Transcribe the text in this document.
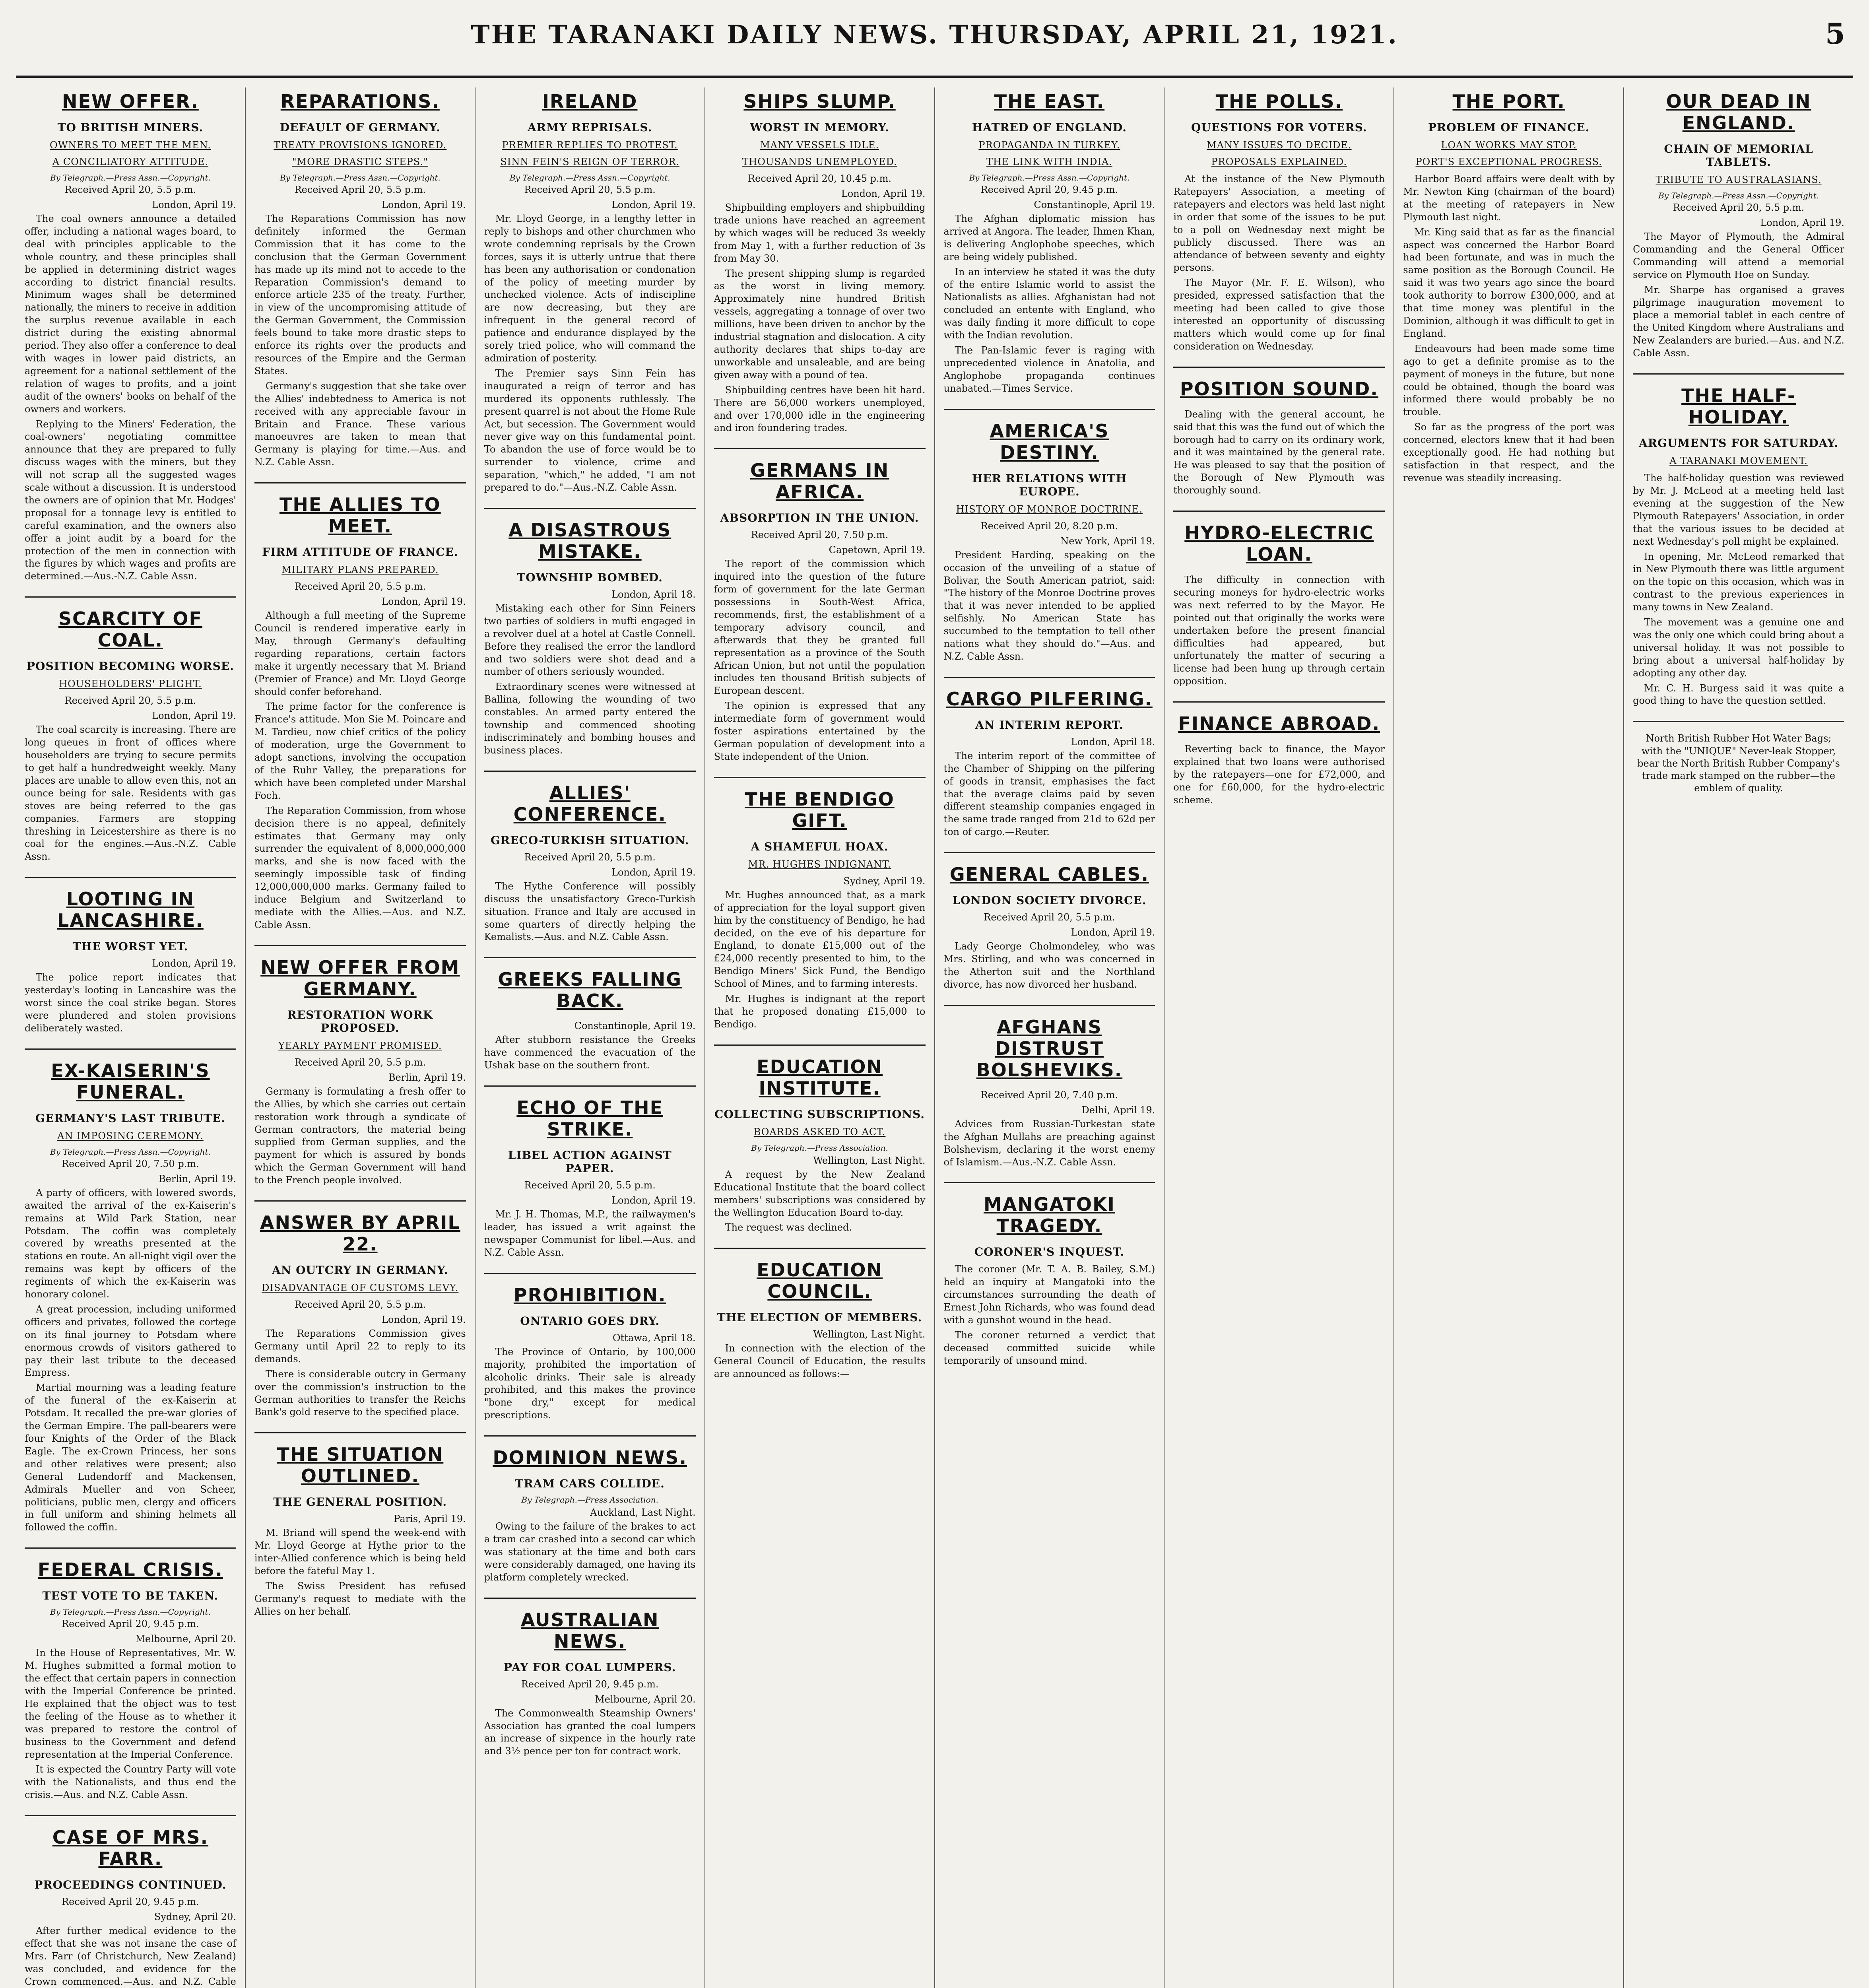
THE TARANAKI DAILY NEWS. THURSDAY, APRIL 21, 1921.	5
NEW OFFER.
TO BRITISH MINERS.
OWNERS TO MEET THE MEN.
A CONCILIATORY ATTITUDE.
By Telegraph.—Press Assn.—Copyright.
Received April 20, 5.5 p.m.
London, April 19.

The coal owners announce a detailed offer, including a national wages board, to deal with principles applicable to the whole country, and these principles shall be applied in determining district wages according to district financial results. Minimum wages shall be determined nationally, the miners to receive in addition the surplus revenue available in each district during the existing abnormal period. They also offer a conference to deal with wages in lower paid districts, an agreement for a national settlement of the relation of wages to profits, and a joint audit of the owners' books on behalf of the owners and workers.

Replying to the Miners' Federation, the coal-owners' negotiating committee announce that they are prepared to fully discuss wages with the miners, but they will not scrap all the suggested wages scale without a discussion. It is understood the owners are of opinion that Mr. Hodges' proposal for a tonnage levy is entitled to careful examination, and the owners also offer a joint audit by a board for the protection of the men in connection with the figures by which wages and profits are determined.—Aus.-N.Z. Cable Assn.

SCARCITY OF COAL.
POSITION BECOMING WORSE.
HOUSEHOLDERS' PLIGHT.
Received April 20, 5.5 p.m.
London, April 19.

The coal scarcity is increasing. There are long queues in front of offices where householders are trying to secure permits to get half a hundredweight weekly. Many places are unable to allow even this, not an ounce being for sale. Residents with gas stoves are being referred to the gas companies. Farmers are stopping threshing in Leicestershire as there is no coal for the engines.—Aus.-N.Z. Cable Assn.

LOOTING IN LANCASHIRE.
THE WORST YET.
London, April 19.

The police report indicates that yesterday's looting in Lancashire was the worst since the coal strike began. Stores were plundered and stolen provisions deliberately wasted.

EX-KAISERIN'S FUNERAL.
GERMANY'S LAST TRIBUTE.
AN IMPOSING CEREMONY.
By Telegraph.—Press Assn.—Copyright.
Received April 20, 7.50 p.m.
Berlin, April 19.

A party of officers, with lowered swords, awaited the arrival of the ex-Kaiserin's remains at Wild Park Station, near Potsdam. The coffin was completely covered by wreaths presented at the stations en route. An all-night vigil over the remains was kept by officers of the regiments of which the ex-Kaiserin was honorary colonel.

A great procession, including uniformed officers and privates, followed the cortege on its final journey to Potsdam where enormous crowds of visitors gathered to pay their last tribute to the deceased Empress.

Martial mourning was a leading feature of the funeral of the ex-Kaiserin at Potsdam. It recalled the pre-war glories of the German Empire. The pall-bearers were four Knights of the Order of the Black Eagle. The ex-Crown Princess, her sons and other relatives were present; also General Ludendorff and Mackensen, Admirals Mueller and von Scheer, politicians, public men, clergy and officers in full uniform and shining helmets all followed the coffin.

FEDERAL CRISIS.
TEST VOTE TO BE TAKEN.
By Telegraph.—Press Assn.—Copyright.
Received April 20, 9.45 p.m.
Melbourne, April 20.

In the House of Representatives, Mr. W. M. Hughes submitted a formal motion to the effect that certain papers in connection with the Imperial Conference be printed. He explained that the object was to test the feeling of the House as to whether it was prepared to restore the control of business to the Government and defend representation at the Imperial Conference.

It is expected the Country Party will vote with the Nationalists, and thus end the crisis.—Aus. and N.Z. Cable Assn.

CASE OF MRS. FARR.
PROCEEDINGS CONTINUED.
Received April 20, 9.45 p.m.
Sydney, April 20.

After further medical evidence to the effect that she was not insane the case of Mrs. Farr (of Christchurch, New Zealand) was concluded, and evidence for the Crown commenced.—Aus. and N.Z. Cable

REPARATIONS.
DEFAULT OF GERMANY.
TREATY PROVISIONS IGNORED.
"MORE DRASTIC STEPS."
By Telegraph.—Press Assn.—Copyright.
Received April 20, 5.5 p.m.
London, April 19.

The Reparations Commission has now definitely informed the German Commission that it has come to the conclusion that the German Government has made up its mind not to accede to the Reparation Commission's demand to enforce article 235 of the treaty. Further, in view of the uncompromising attitude of the German Government, the Commission feels bound to take more drastic steps to enforce its rights over the products and resources of the Empire and the German States.

Germany's suggestion that she take over the Allies' indebtedness to America is not received with any appreciable favour in Britain and France. These various manoeuvres are taken to mean that Germany is playing for time.—Aus. and N.Z. Cable Assn.

THE ALLIES TO MEET.
FIRM ATTITUDE OF FRANCE.
MILITARY PLANS PREPARED.
Received April 20, 5.5 p.m.
London, April 19.

Although a full meeting of the Supreme Council is rendered imperative early in May, through Germany's defaulting regarding reparations, certain factors make it urgently necessary that M. Briand (Premier of France) and Mr. Lloyd George should confer beforehand.

The prime factor for the conference is France's attitude. Mon Sie M. Poincare and M. Tardieu, now chief critics of the policy of moderation, urge the Government to adopt sanctions, involving the occupation of the Ruhr Valley, the preparations for which have been completed under Marshal Foch.

The Reparation Commission, from whose decision there is no appeal, definitely estimates that Germany may only surrender the equivalent of 8,000,000,000 marks, and she is now faced with the seemingly impossible task of finding 12,000,000,000 marks. Germany failed to induce Belgium and Switzerland to mediate with the Allies.—Aus. and N.Z. Cable Assn.

NEW OFFER FROM GERMANY.
RESTORATION WORK PROPOSED.
YEARLY PAYMENT PROMISED.
Received April 20, 5.5 p.m.
Berlin, April 19.

Germany is formulating a fresh offer to the Allies, by which she carries out certain restoration work through a syndicate of German contractors, the material being supplied from German supplies, and the payment for which is assured by bonds which the German Government will hand to the French people involved.

ANSWER BY APRIL 22.
AN OUTCRY IN GERMANY.
DISADVANTAGE OF CUSTOMS LEVY.
Received April 20, 5.5 p.m.
London, April 19.

The Reparations Commission gives Germany until April 22 to reply to its demands.

There is considerable outcry in Germany over the commission's instruction to the German authorities to transfer the Reichs Bank's gold reserve to the specified place.

THE SITUATION OUTLINED.
THE GENERAL POSITION.
Paris, April 19.

M. Briand will spend the week-end with Mr. Lloyd George at Hythe prior to the inter-Allied conference which is being held before the fateful May 1.

The Swiss President has refused Germany's request to mediate with the Allies on her behalf.

IRELAND
ARMY REPRISALS.
PREMIER REPLIES TO PROTEST.
SINN FEIN'S REIGN OF TERROR.
By Telegraph.—Press Assn.—Copyright.
Received April 20, 5.5 p.m.
London, April 19.

Mr. Lloyd George, in a lengthy letter in reply to bishops and other churchmen who wrote condemning reprisals by the Crown forces, says it is utterly untrue that there has been any authorisation or condonation of the policy of meeting murder by unchecked violence. Acts of indiscipline are now decreasing, but they are infrequent in the general record of patience and endurance displayed by the sorely tried police, who will command the admiration of posterity.

The Premier says Sinn Fein has inaugurated a reign of terror and has murdered its opponents ruthlessly. The present quarrel is not about the Home Rule Act, but secession. The Government would never give way on this fundamental point. To abandon the use of force would be to surrender to violence, crime and separation, "which," he added, "I am not prepared to do."—Aus.-N.Z. Cable Assn.

A DISASTROUS MISTAKE.
TOWNSHIP BOMBED.
London, April 18.

Mistaking each other for Sinn Feiners two parties of soldiers in mufti engaged in a revolver duel at a hotel at Castle Connell. Before they realised the error the landlord and two soldiers were shot dead and a number of others seriously wounded.

Extraordinary scenes were witnessed at Ballina, following the wounding of two constables. An armed party entered the township and commenced shooting indiscriminately and bombing houses and business places.

ALLIES' CONFERENCE.
GRECO-TURKISH SITUATION.
Received April 20, 5.5 p.m.
London, April 19.

The Hythe Conference will possibly discuss the unsatisfactory Greco-Turkish situation. France and Italy are accused in some quarters of directly helping the Kemalists.—Aus. and N.Z. Cable Assn.

GREEKS FALLING BACK.
Constantinople, April 19.

After stubborn resistance the Greeks have commenced the evacuation of the Ushak base on the southern front.

ECHO OF THE STRIKE.
LIBEL ACTION AGAINST PAPER.
Received April 20, 5.5 p.m.
London, April 19.

Mr. J. H. Thomas, M.P., the railwaymen's leader, has issued a writ against the newspaper Communist for libel.—Aus. and N.Z. Cable Assn.

PROHIBITION.
ONTARIO GOES DRY.
Ottawa, April 18.

The Province of Ontario, by 100,000 majority, prohibited the importation of alcoholic drinks. Their sale is already prohibited, and this makes the province "bone dry," except for medical prescriptions.

DOMINION NEWS.
TRAM CARS COLLIDE.
By Telegraph.—Press Association.
Auckland, Last Night.

Owing to the failure of the brakes to act a tram car crashed into a second car which was stationary at the time and both cars were considerably damaged, one having its platform completely wrecked.

AUSTRALIAN NEWS.
PAY FOR COAL LUMPERS.
Received April 20, 9.45 p.m.
Melbourne, April 20.

The Commonwealth Steamship Owners' Association has granted the coal lumpers an increase of sixpence in the hourly rate and 3½ pence per ton for contract work.

SHIPS SLUMP.
WORST IN MEMORY.
MANY VESSELS IDLE.
THOUSANDS UNEMPLOYED.
Received April 20, 10.45 p.m.
London, April 19.

Shipbuilding employers and shipbuilding trade unions have reached an agreement by which wages will be reduced 3s weekly from May 1, with a further reduction of 3s from May 30.

The present shipping slump is regarded as the worst in living memory. Approximately nine hundred British vessels, aggregating a tonnage of over two millions, have been driven to anchor by the industrial stagnation and dislocation. A city authority declares that ships to-day are unworkable and unsaleable, and are being given away with a pound of tea.

Shipbuilding centres have been hit hard. There are 56,000 workers unemployed, and over 170,000 idle in the engineering and iron foundering trades.

GERMANS IN AFRICA.
ABSORPTION IN THE UNION.
Received April 20, 7.50 p.m.
Capetown, April 19.

The report of the commission which inquired into the question of the future form of government for the late German possessions in South-West Africa, recommends, first, the establishment of a temporary advisory council, and afterwards that they be granted full representation as a province of the South African Union, but not until the population includes ten thousand British subjects of European descent.

The opinion is expressed that any intermediate form of government would foster aspirations entertained by the German population of development into a State independent of the Union.

THE BENDIGO GIFT.
A SHAMEFUL HOAX.
MR. HUGHES INDIGNANT.
Sydney, April 19.

Mr. Hughes announced that, as a mark of appreciation for the loyal support given him by the constituency of Bendigo, he had decided, on the eve of his departure for England, to donate £15,000 out of the £24,000 recently presented to him, to the Bendigo Miners' Sick Fund, the Bendigo School of Mines, and to farming interests.

Mr. Hughes is indignant at the report that he proposed donating £15,000 to Bendigo.

EDUCATION INSTITUTE.
COLLECTING SUBSCRIPTIONS.
BOARDS ASKED TO ACT.
By Telegraph.—Press Association.
Wellington, Last Night.

A request by the New Zealand Educational Institute that the board collect members' subscriptions was considered by the Wellington Education Board to-day.

The request was declined.

EDUCATION COUNCIL.
THE ELECTION OF MEMBERS.
Wellington, Last Night.

In connection with the election of the General Council of Education, the results are announced as follows:—

THE EAST.
HATRED OF ENGLAND.
PROPAGANDA IN TURKEY.
THE LINK WITH INDIA.
By Telegraph.—Press Assn.—Copyright.
Received April 20, 9.45 p.m.
Constantinople, April 19.

The Afghan diplomatic mission has arrived at Angora. The leader, Ihmen Khan, is delivering Anglophobe speeches, which are being widely published.

In an interview he stated it was the duty of the entire Islamic world to assist the Nationalists as allies. Afghanistan had not concluded an entente with England, who was daily finding it more difficult to cope with the Indian revolution.

The Pan-Islamic fever is raging with unprecedented violence in Anatolia, and Anglophobe propaganda continues unabated.—Times Service.

AMERICA'S DESTINY.
HER RELATIONS WITH EUROPE.
HISTORY OF MONROE DOCTRINE.
Received April 20, 8.20 p.m.
New York, April 19.

President Harding, speaking on the occasion of the unveiling of a statue of Bolivar, the South American patriot, said: "The history of the Monroe Doctrine proves that it was never intended to be applied selfishly. No American State has succumbed to the temptation to tell other nations what they should do."—Aus. and N.Z. Cable Assn.

CARGO PILFERING.
AN INTERIM REPORT.
London, April 18.

The interim report of the committee of the Chamber of Shipping on the pilfering of goods in transit, emphasises the fact that the average claims paid by seven different steamship companies engaged in the same trade ranged from 21d to 62d per ton of cargo.—Reuter.

GENERAL CABLES.
LONDON SOCIETY DIVORCE.
Received April 20, 5.5 p.m.
London, April 19.

Lady George Cholmondeley, who was Mrs. Stirling, and who was concerned in the Atherton suit and the Northland divorce, has now divorced her husband.

AFGHANS DISTRUST BOLSHEVIKS.
Received April 20, 7.40 p.m.
Delhi, April 19.

Advices from Russian-Turkestan state the Afghan Mullahs are preaching against Bolshevism, declaring it the worst enemy of Islamism.—Aus.-N.Z. Cable Assn.

MANGATOKI TRAGEDY.
CORONER'S INQUEST.

The coroner (Mr. T. A. B. Bailey, S.M.) held an inquiry at Mangatoki into the circumstances surrounding the death of Ernest John Richards, who was found dead with a gunshot wound in the head.

The coroner returned a verdict that deceased committed suicide while temporarily of unsound mind.

THE POLLS.
QUESTIONS FOR VOTERS.
MANY ISSUES TO DECIDE.
PROPOSALS EXPLAINED.

At the instance of the New Plymouth Ratepayers' Association, a meeting of ratepayers and electors was held last night in order that some of the issues to be put to a poll on Wednesday next might be publicly discussed. There was an attendance of between seventy and eighty persons.

The Mayor (Mr. F. E. Wilson), who presided, expressed satisfaction that the meeting had been called to give those interested an opportunity of discussing matters which would come up for final consideration on Wednesday.

POSITION SOUND.

Dealing with the general account, he said that this was the fund out of which the borough had to carry on its ordinary work, and it was maintained by the general rate. He was pleased to say that the position of the Borough of New Plymouth was thoroughly sound.

HYDRO-ELECTRIC LOAN.

The difficulty in connection with securing moneys for hydro-electric works was next referred to by the Mayor. He pointed out that originally the works were undertaken before the present financial difficulties had appeared, but unfortunately the matter of securing a license had been hung up through certain opposition.

FINANCE ABROAD.

Reverting back to finance, the Mayor explained that two loans were authorised by the ratepayers—one for £72,000, and one for £60,000, for the hydro-electric scheme.

THE PORT.
PROBLEM OF FINANCE.
LOAN WORKS MAY STOP.
PORT'S EXCEPTIONAL PROGRESS.

Harbor Board affairs were dealt with by Mr. Newton King (chairman of the board) at the meeting of ratepayers in New Plymouth last night.

Mr. King said that as far as the financial aspect was concerned the Harbor Board had been fortunate, and was in much the same position as the Borough Council. He said it was two years ago since the board took authority to borrow £300,000, and at that time money was plentiful in the Dominion, although it was difficult to get in England.

Endeavours had been made some time ago to get a definite promise as to the payment of moneys in the future, but none could be obtained, though the board was informed there would probably be no trouble.

So far as the progress of the port was concerned, electors knew that it had been exceptionally good. He had nothing but satisfaction in that respect, and the revenue was steadily increasing.

OUR DEAD IN ENGLAND.
CHAIN OF MEMORIAL TABLETS.
TRIBUTE TO AUSTRALASIANS.
By Telegraph.—Press Assn.—Copyright.
Received April 20, 5.5 p.m.
London, April 19.

The Mayor of Plymouth, the Admiral Commanding and the General Officer Commanding will attend a memorial service on Plymouth Hoe on Sunday.

Mr. Sharpe has organised a graves pilgrimage inauguration movement to place a memorial tablet in each centre of the United Kingdom where Australians and New Zealanders are buried.—Aus. and N.Z. Cable Assn.

THE HALF-HOLIDAY.
ARGUMENTS FOR SATURDAY.
A TARANAKI MOVEMENT.

The half-holiday question was reviewed by Mr. J. McLeod at a meeting held last evening at the suggestion of the New Plymouth Ratepayers' Association, in order that the various issues to be decided at next Wednesday's poll might be explained.

In opening, Mr. McLeod remarked that in New Plymouth there was little argument on the topic on this occasion, which was in contrast to the previous experiences in many towns in New Zealand.

The movement was a genuine one and was the only one which could bring about a universal holiday. It was not possible to bring about a universal half-holiday by adopting any other day.

Mr. C. H. Burgess said it was quite a good thing to have the question settled.

North British Rubber Hot Water Bags;
with the "UNIQUE" Never-leak Stopper,
bear the North British Rubber Company's trade mark stamped on the rubber—the emblem of quality.
